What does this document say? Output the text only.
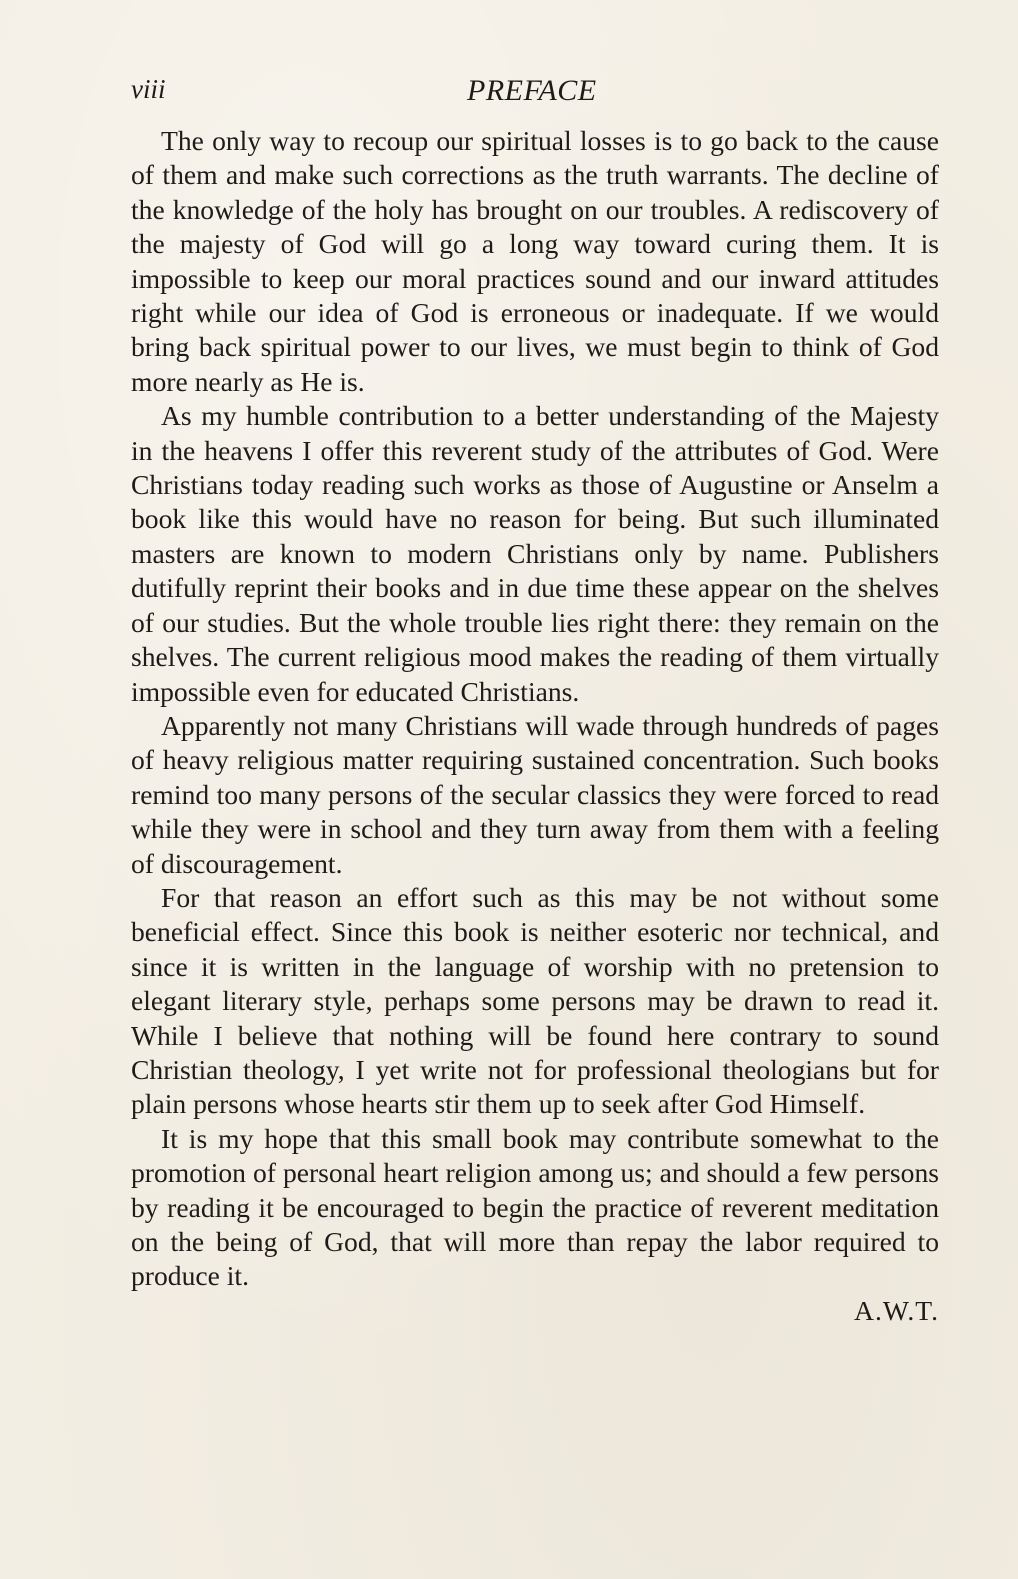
viii	PREFACE

The only way to recoup our spiritual losses is to go back to the cause of them and make such corrections as the truth warrants. The decline of the knowledge of the holy has brought on our troubles. A rediscovery of the majesty of God will go a long way toward curing them. It is impossible to keep our moral practices sound and our inward attitudes right while our idea of God is erroneous or inadequate. If we would bring back spiritual power to our lives, we must begin to think of God more nearly as He is.

As my humble contribution to a better understanding of the Majesty in the heavens I offer this reverent study of the attributes of God. Were Christians today reading such works as those of Augustine or Anselm a book like this would have no reason for being. But such illuminated masters are known to modern Christians only by name. Publishers dutifully reprint their books and in due time these appear on the shelves of our studies. But the whole trouble lies right there: they remain on the shelves. The current religious mood makes the reading of them virtually impossible even for educated Christians.

Apparently not many Christians will wade through hundreds of pages of heavy religious matter requiring sustained concentration. Such books remind too many persons of the secular classics they were forced to read while they were in school and they turn away from them with a feeling of discouragement.

For that reason an effort such as this may be not without some beneficial effect. Since this book is neither esoteric nor technical, and since it is written in the language of worship with no pretension to elegant literary style, perhaps some persons may be drawn to read it. While I believe that nothing will be found here contrary to sound Christian theology, I yet write not for professional theologians but for plain persons whose hearts stir them up to seek after God Himself.

It is my hope that this small book may contribute somewhat to the promotion of personal heart religion among us; and should a few persons by reading it be encouraged to begin the practice of reverent meditation on the being of God, that will more than repay the labor required to produce it.

A.W.T.
